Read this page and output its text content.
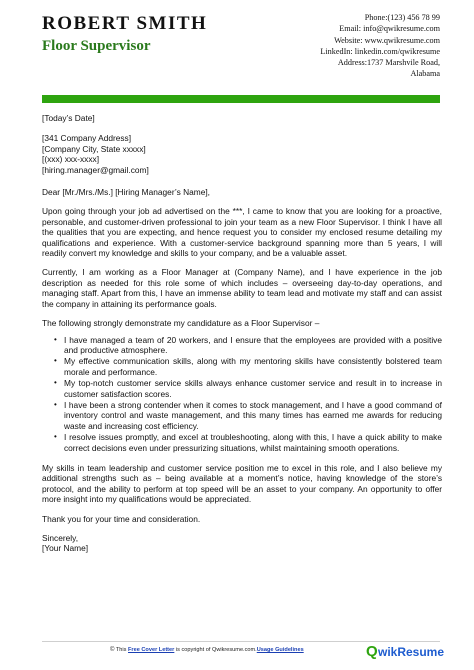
ROBERT SMITH
Floor Supervisor
Phone:(123) 456 78 99
Email: info@qwikresume.com
Website: www.qwikresume.com
LinkedIn: linkedin.com/qwikresume
Address:1737 Marshvile Road, Alabama

[Today’s Date]

[341 Company Address]

[Company City, State xxxxx]

[(xxx) xxx-xxxx]

[hiring.manager@gmail.com]

Dear [Mr./Mrs./Ms.] [Hiring Manager’s Name],

Upon going through your job ad advertised on the ***, I came to know that you are looking for a proactive, personable, and customer-driven professional to join your team as a new Floor Supervisor. I think I have all the qualities that you are expecting, and hence request you to consider my enclosed resume detailing my qualifications and experience. With a customer-service background spanning more than 5 years, I will readily convert my knowledge and skills to your company, and be a valuable asset.

Currently, I am working as a Floor Manager at (Company Name), and I have experience in the job description as needed for this role some of which includes – overseeing day-to-day operations, and managing staff. Apart from this, I have an immense ability to team lead and motivate my staff and can assist the company in attaining its performance goals.

The following strongly demonstrate my candidature as a Floor Supervisor –

• I have managed a team of 20 workers, and I ensure that the employees are provided with a positive and productive atmosphere.
• My effective communication skills, along with my mentoring skills have consistently bolstered team morale and performance.
• My top-notch customer service skills always enhance customer service and result in to increase in customer satisfaction scores.
• I have been a strong contender when it comes to stock management, and I have a good command of inventory control and waste management, and this many times has earned me awards for reducing waste and increasing cost efficiency.
• I resolve issues promptly, and excel at troubleshooting, along with this, I have a quick ability to make correct decisions even under pressurizing situations, whilst maintaining smooth operations.

My skills in team leadership and customer service position me to excel in this role, and I also believe my additional strengths such as – being available at a moment’s notice, having knowledge of the store’s protocol, and the ability to perform at top speed will be an asset to your company. An opportunity to offer more insight into my qualifications would be appreciated.

Thank you for your time and consideration.

Sincerely,

[Your Name]

© This Free Cover Letter is copyright of Qwikresume.com.Usage Guidelines	Q wikResume
